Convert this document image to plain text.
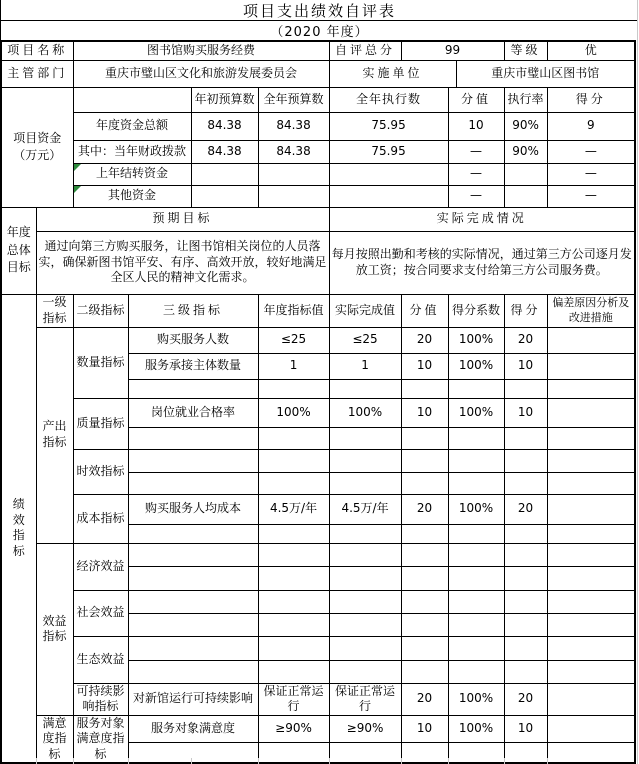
项目支出绩效自评表
（2020 年度）
项目名称		图书馆购买服务经费				自评总分	99			等级	优
主管部门		重庆市璧山区文化和旅游发展委员会				实施单位			重庆市璧山区图书馆		
项目资金（万元）				年初预算数	全年预算数	全年执行数		分值		执行率	得分
		年度资金总额		84.38	84.38	75.95		10		90%	9
		其中：当年财政拨款		84.38	84.38	75.95		—		90%	—

上年结转资金						—			—

其他资金						—			—
年度总体目标	预期目标					实际完成情况					
	通过向第三方购买服务，让图书馆相关岗位的人员落实，确保新图书馆平安、有序、高效开放，较好地满足全区人民的精神文化需求。					每月按照出勤和考核的实际情况，通过第三方公司逐月发放工资；按合同要求支付给第三方公司服务费。					
绩效指标	一级指标	二级指标	三级指标		年度指标值	实际完成值	分值	得分系数		得分	偏差原因分析及改进措施
	产出指标	数量指标	购买服务人数		≤25	≤25	20	100%		20	
			服务承接主体数量		1	1	10	100%		10	

		质量指标	岗位就业合格率		100%	100%	10	100%		10	

		时效指标									

		成本指标	购买服务人均成本		4.5万/年	4.5万/年	20	100%		20	

	效益指标	经济效益									

		社会效益									

		生态效益									

		可持续影响指标	对新馆运行可持续影响		保证正常运行	保证正常运行	20	100%		20	
	满意度指标	服务对象满意度指标	服务对象满意度		≥90%	≥90%	10	100%		10	
